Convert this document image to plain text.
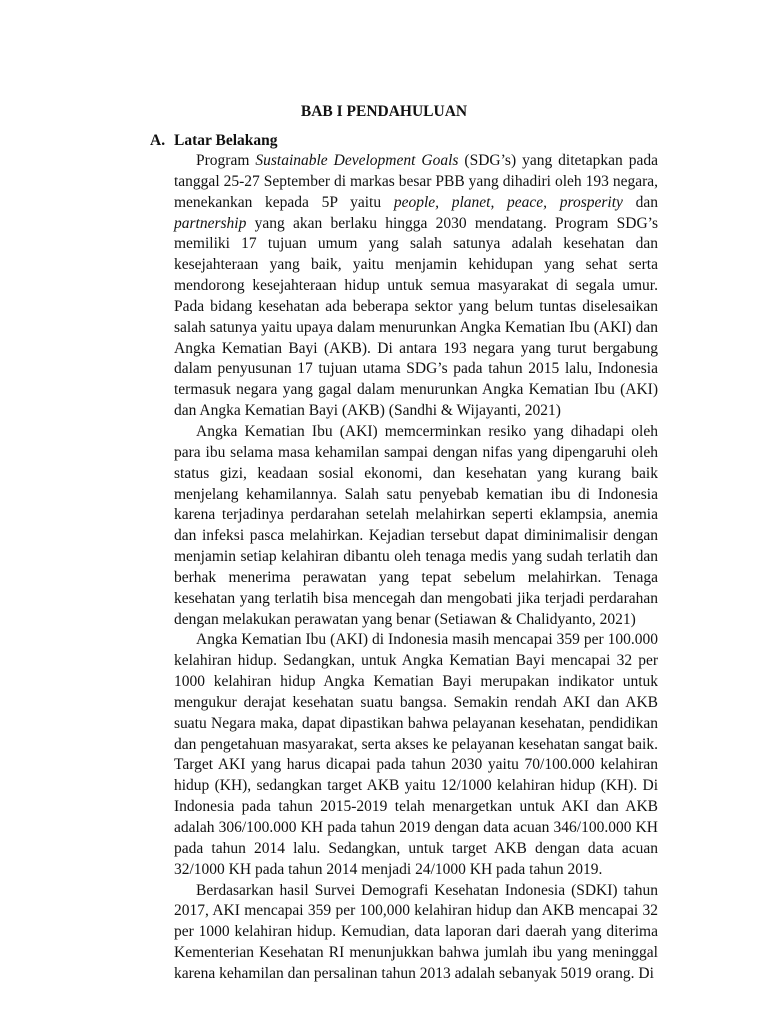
BAB I PENDAHULUAN
A. Latar Belakang

Program Sustainable Development Goals (SDG’s) yang ditetapkan pada tanggal 25-27 September di markas besar PBB yang dihadiri oleh 193 negara, menekankan kepada 5P yaitu people, planet, peace, prosperity dan partnership yang akan berlaku hingga 2030 mendatang. Program SDG’s memiliki 17 tujuan umum yang salah satunya adalah kesehatan dan kesejahteraan yang baik, yaitu menjamin kehidupan yang sehat serta mendorong kesejahteraan hidup untuk semua masyarakat di segala umur. Pada bidang kesehatan ada beberapa sektor yang belum tuntas diselesaikan salah satunya yaitu upaya dalam menurunkan Angka Kematian Ibu (AKI) dan Angka Kematian Bayi (AKB). Di antara 193 negara yang turut bergabung dalam penyusunan 17 tujuan utama SDG’s pada tahun 2015 lalu, Indonesia termasuk negara yang gagal dalam menurunkan Angka Kematian Ibu (AKI) dan Angka Kematian Bayi (AKB) (Sandhi & Wijayanti, 2021)

Angka Kematian Ibu (AKI) memcerminkan resiko yang dihadapi oleh para ibu selama masa kehamilan sampai dengan nifas yang dipengaruhi oleh status gizi, keadaan sosial ekonomi, dan kesehatan yang kurang baik menjelang kehamilannya. Salah satu penyebab kematian ibu di Indonesia karena terjadinya perdarahan setelah melahirkan seperti eklampsia, anemia dan infeksi pasca melahirkan. Kejadian tersebut dapat diminimalisir dengan menjamin setiap kelahiran dibantu oleh tenaga medis yang sudah terlatih dan berhak menerima perawatan yang tepat sebelum melahirkan. Tenaga kesehatan yang terlatih bisa mencegah dan mengobati jika terjadi perdarahan dengan melakukan perawatan yang benar (Setiawan & Chalidyanto, 2021)

Angka Kematian Ibu (AKI) di Indonesia masih mencapai 359 per 100.000 kelahiran hidup. Sedangkan, untuk Angka Kematian Bayi mencapai 32 per 1000 kelahiran hidup Angka Kematian Bayi merupakan indikator untuk mengukur derajat kesehatan suatu bangsa. Semakin rendah AKI dan AKB suatu Negara maka, dapat dipastikan bahwa pelayanan kesehatan, pendidikan dan pengetahuan masyarakat, serta akses ke pelayanan kesehatan sangat baik. Target AKI yang harus dicapai pada tahun 2030 yaitu 70/100.000 kelahiran hidup (KH), sedangkan target AKB yaitu 12/1000 kelahiran hidup (KH). Di Indonesia pada tahun 2015-2019 telah menargetkan untuk AKI dan AKB adalah 306/100.000 KH pada tahun 2019 dengan data acuan 346/100.000 KH pada tahun 2014 lalu. Sedangkan, untuk target AKB dengan data acuan 32/1000 KH pada tahun 2014 menjadi 24/1000 KH pada tahun 2019.

Berdasarkan hasil Survei Demografi Kesehatan Indonesia (SDKI) tahun 2017, AKI mencapai 359 per 100,000 kelahiran hidup dan AKB mencapai 32 per 1000 kelahiran hidup. Kemudian, data laporan dari daerah yang diterima Kementerian Kesehatan RI menunjukkan bahwa jumlah ibu yang meninggal karena kehamilan dan persalinan tahun 2013 adalah sebanyak 5019 orang. Di
